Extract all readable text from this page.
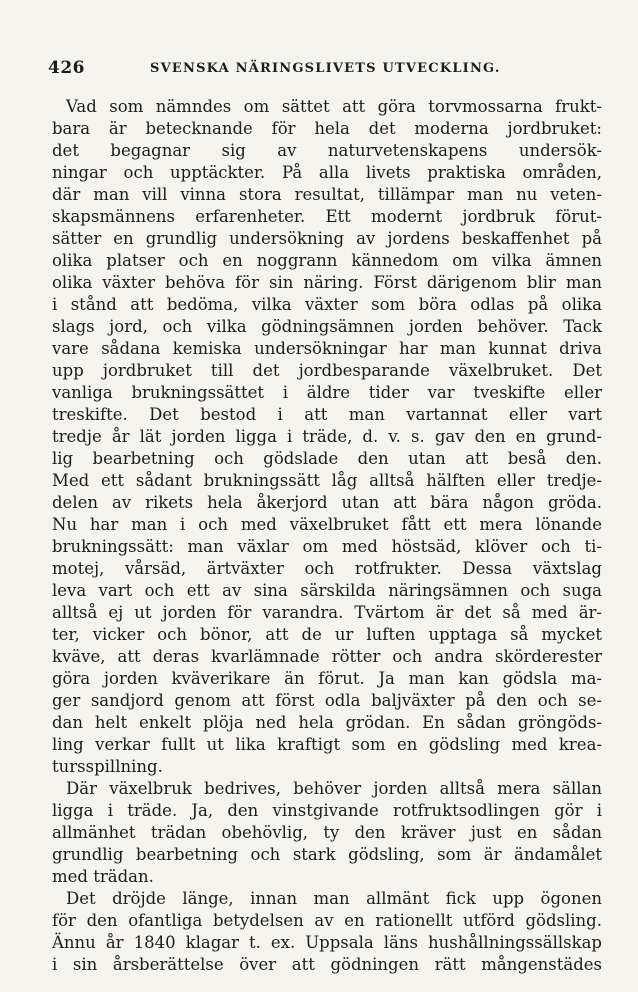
426	SVENSKA NÄRINGSLIVETS UTVECKLING.
Vad som nämndes om sättet att göra torvmossarna frukt-
bara är betecknande för hela det moderna jordbruket:
det begagnar sig av naturvetenskapens undersök-
ningar och upptäckter. På alla livets praktiska områden,
där man vill vinna stora resultat, tillämpar man nu veten-
skapsmännens erfarenheter. Ett modernt jordbruk förut-
sätter en grundlig undersökning av jordens beskaffenhet på
olika platser och en noggrann kännedom om vilka ämnen
olika växter behöva för sin näring. Först därigenom blir man
i stånd att bedöma, vilka växter som böra odlas på olika
slags jord, och vilka gödningsämnen jorden behöver. Tack
vare sådana kemiska undersökningar har man kunnat driva
upp jordbruket till det jordbesparande växelbruket. Det
vanliga brukningssättet i äldre tider var tveskifte eller
treskifte. Det bestod i att man vartannat eller vart
tredje år lät jorden ligga i träde, d. v. s. gav den en grund-
lig bearbetning och gödslade den utan att beså den.
Med ett sådant brukningssätt låg alltså hälften eller tredje-
delen av rikets hela åkerjord utan att bära någon gröda.
Nu har man i och med växelbruket fått ett mera lönande
brukningssätt: man växlar om med höstsäd, klöver och ti-
motej, vårsäd, ärtväxter och rotfrukter. Dessa växtslag
leva vart och ett av sina särskilda näringsämnen och suga
alltså ej ut jorden för varandra. Tvärtom är det så med är-
ter, vicker och bönor, att de ur luften upptaga så mycket
kväve, att deras kvarlämnade rötter och andra skörderester
göra jorden kväverikare än förut. Ja man kan gödsla ma-
ger sandjord genom att först odla baljväxter på den och se-
dan helt enkelt plöja ned hela grödan. En sådan gröngöds-
ling verkar fullt ut lika kraftigt som en gödsling med krea-
tursspillning.
Där växelbruk bedrives, behöver jorden alltså mera sällan
ligga i träde. Ja, den vinstgivande rotfruktsodlingen gör i
allmänhet trädan obehövlig, ty den kräver just en sådan
grundlig bearbetning och stark gödsling, som är ändamålet
med trädan.
Det dröjde länge, innan man allmänt fick upp ögonen
för den ofantliga betydelsen av en rationellt utförd gödsling.
Ännu år 1840 klagar t. ex. Uppsala läns hushållningssällskap
i sin årsberättelse över att gödningen rätt mångenstädes
